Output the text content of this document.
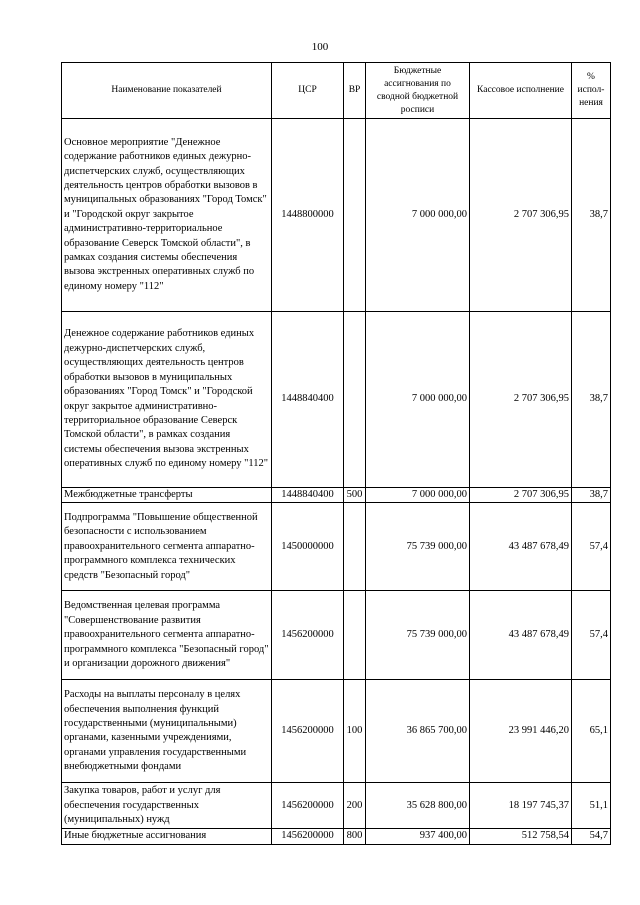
100
Наименование показателей	ЦСР	ВР	Бюджетные ассигнования по сводной бюджетной росписи	Кассовое исполнение	% испол-нения
Основное мероприятие "Денежное содержание работников единых дежурно-диспетчерских служб, осуществляющих деятельность центров обработки вызовов в муниципальных образованиях "Город Томск" и "Городской округ закрытое административно-территориальное образование Северск Томской области", в рамках создания системы обеспечения вызова экстренных оперативных служб по единому номеру "112"	1448800000		7 000 000,00	2 707 306,95	38,7
Денежное содержание работников единых дежурно-диспетчерских служб, осуществляющих деятельность центров обработки вызовов в муниципальных образованиях "Город Томск" и "Городской округ закрытое административно-территориальное образование Северск Томской области", в рамках создания системы обеспечения вызова экстренных оперативных служб по единому номеру "112"	1448840400		7 000 000,00	2 707 306,95	38,7
Межбюджетные трансферты	1448840400	500	7 000 000,00	2 707 306,95	38,7
Подпрограмма "Повышение общественной безопасности с использованием правоохранительного сегмента аппаратно-программного комплекса технических средств "Безопасный город"	1450000000		75 739 000,00	43 487 678,49	57,4
Ведомственная целевая программа "Совершенствование развития правоохранительного сегмента аппаратно-программного комплекса "Безопасный город" и организации дорожного движения"	1456200000		75 739 000,00	43 487 678,49	57,4
Расходы на выплаты персоналу в целях обеспечения выполнения функций государственными (муниципальными) органами, казенными учреждениями, органами управления государственными внебюджетными фондами	1456200000	100	36 865 700,00	23 991 446,20	65,1
Закупка товаров, работ и услуг для обеспечения государственных (муниципальных) нужд	1456200000	200	35 628 800,00	18 197 745,37	51,1
Иные бюджетные ассигнования	1456200000	800	937 400,00	512 758,54	54,7
